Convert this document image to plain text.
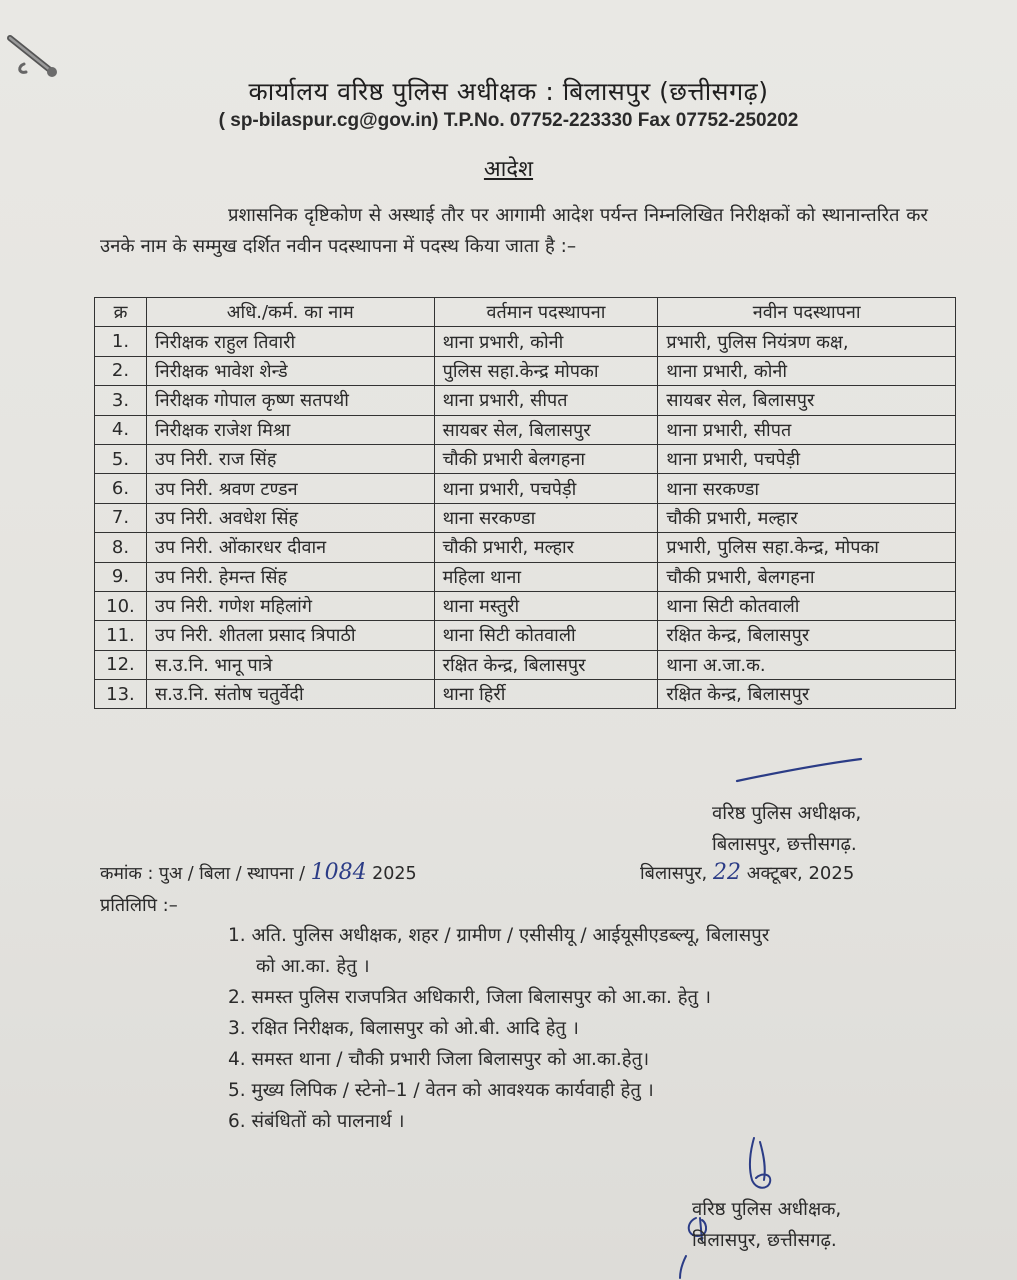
कार्यालय वरिष्ठ पुलिस अधीक्षक : बिलासपुर (छत्तीसगढ़)
( sp-bilaspur.cg@gov.in) T.P.No. 07752-223330 Fax 07752-250202
आदेश
प्रशासनिक दृष्टिकोण से अस्थाई तौर पर आगामी आदेश पर्यन्त निम्नलिखित निरीक्षकों को स्थानान्तरित कर उनके नाम के सम्मुख दर्शित नवीन पदस्थापना में पदस्थ किया जाता है :–
क्र	अधि./कर्म. का नाम	वर्तमान पदस्थापना	नवीन पदस्थापना
1.	निरीक्षक राहुल तिवारी	थाना प्रभारी, कोनी	प्रभारी, पुलिस नियंत्रण कक्ष,
2.	निरीक्षक भावेश शेन्डे	पुलिस सहा.केन्द्र मोपका	थाना प्रभारी, कोनी
3.	निरीक्षक गोपाल कृष्ण सतपथी	थाना प्रभारी, सीपत	सायबर सेल, बिलासपुर
4.	निरीक्षक राजेश मिश्रा	सायबर सेल, बिलासपुर	थाना प्रभारी, सीपत
5.	उप निरी. राज सिंह	चौकी प्रभारी बेलगहना	थाना प्रभारी, पचपेड़ी
6.	उप निरी. श्रवण टण्डन	थाना प्रभारी, पचपेड़ी	थाना सरकण्डा
7.	उप निरी. अवधेश सिंह	थाना सरकण्डा	चौकी प्रभारी, मल्हार
8.	उप निरी. ओंकारधर दीवान	चौकी प्रभारी, मल्हार	प्रभारी, पुलिस सहा.केन्द्र, मोपका
9.	उप निरी. हेमन्त सिंह	महिला थाना	चौकी प्रभारी, बेलगहना
10.	उप निरी. गणेश महिलांगे	थाना मस्तुरी	थाना सिटी कोतवाली
11.	उप निरी. शीतला प्रसाद त्रिपाठी	थाना सिटी कोतवाली	रक्षित केन्द्र, बिलासपुर
12.	स.उ.नि. भानू पात्रे	रक्षित केन्द्र, बिलासपुर	थाना अ.जा.क.
13.	स.उ.नि. संतोष चतुर्वेदी	थाना हिर्री	रक्षित केन्द्र, बिलासपुर
वरिष्ठ पुलिस अधीक्षक,
बिलासपुर, छत्तीसगढ़.
कमांक : पुअ / बिला / स्थापना / 1084 2025	बिलासपुर, 22 अक्टूबर, 2025
प्रतिलिपि :–
1. अति. पुलिस अधीक्षक, शहर / ग्रामीण / एसीसीयू / आईयूसीएडब्ल्यू, बिलासपुर
को आ.का. हेतु ।
2. समस्त पुलिस राजपत्रित अधिकारी, जिला बिलासपुर को आ.का. हेतु ।
3. रक्षित निरीक्षक, बिलासपुर को ओ.बी. आदि हेतु ।
4. समस्त थाना / चौकी प्रभारी जिला बिलासपुर को आ.का.हेतु।
5. मुख्य लिपिक / स्टेनो–1 / वेतन को आवश्यक कार्यवाही हेतु ।
6. संबंधितों को पालनार्थ ।
वरिष्ठ पुलिस अधीक्षक,
बिलासपुर, छत्तीसगढ़.
